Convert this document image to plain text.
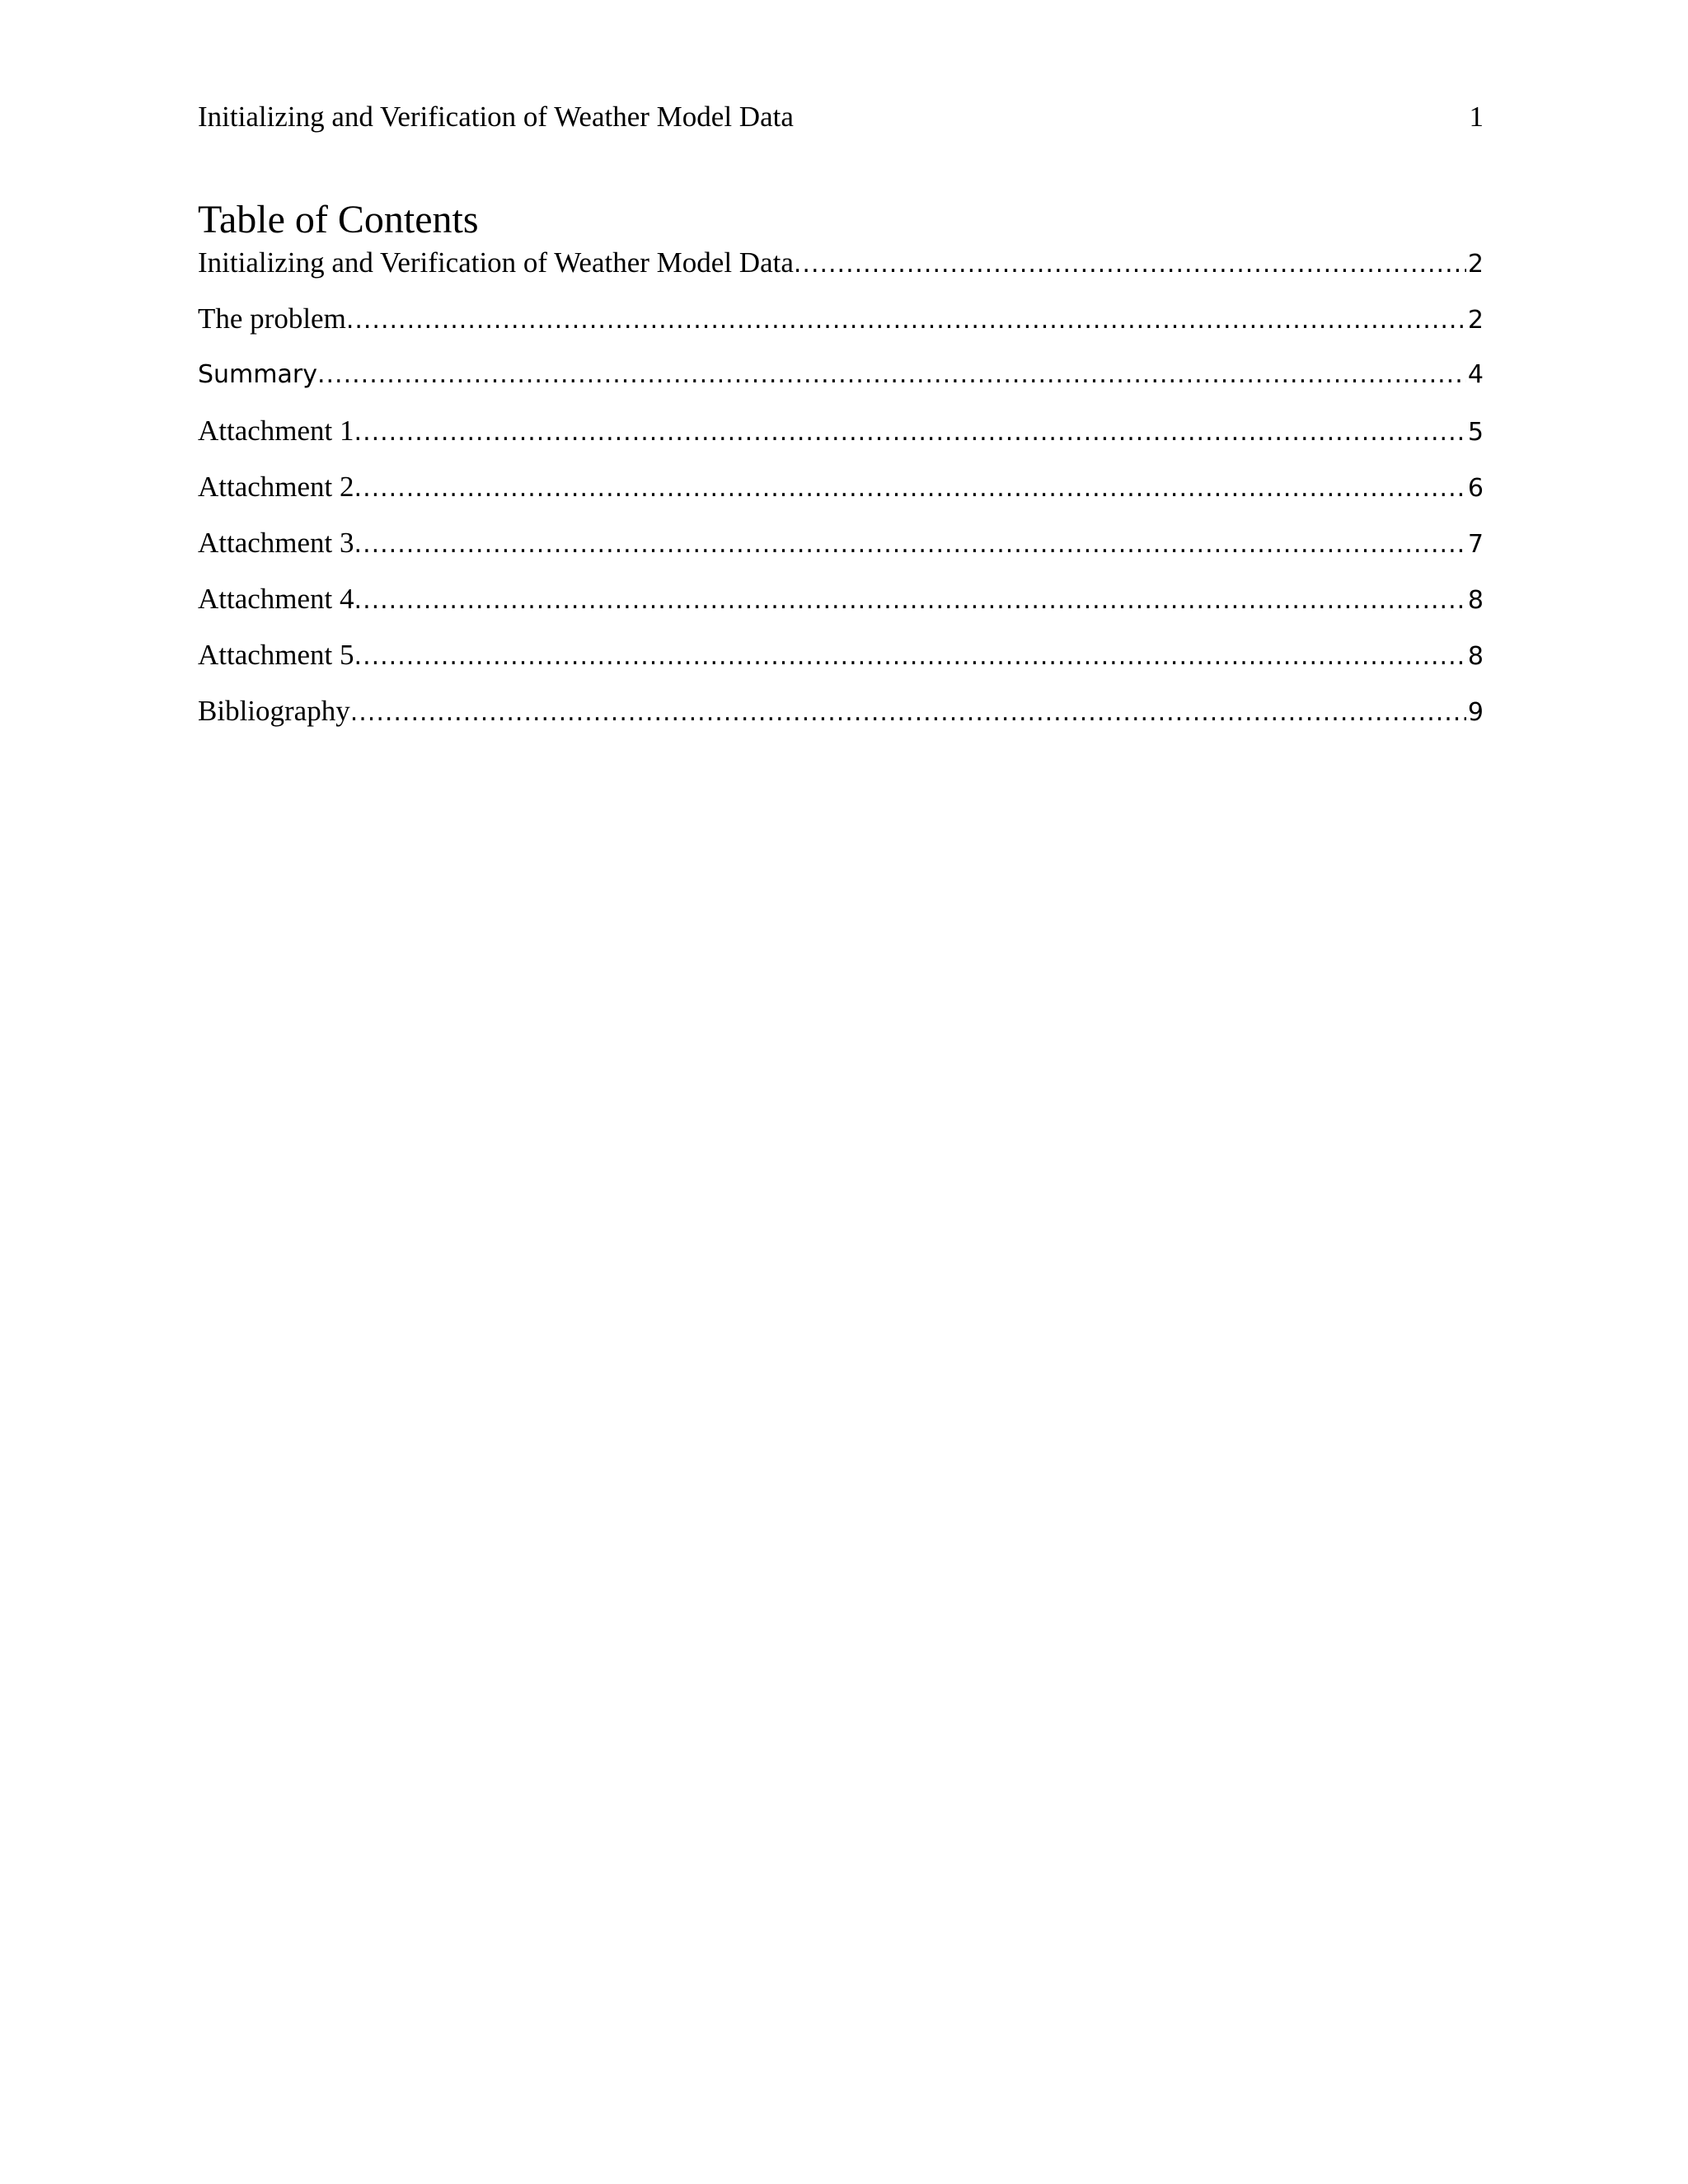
Initializing and Verification of Weather Model Data	1
Table of Contents
Initializing and Verification of Weather Model Data .....	2
The problem .....	2
Summary .....	4
Attachment 1 .....	5
Attachment 2 .....	6
Attachment 3 .....	7
Attachment 4 .....	8
Attachment 5 .....	8
Bibliography .....	9
